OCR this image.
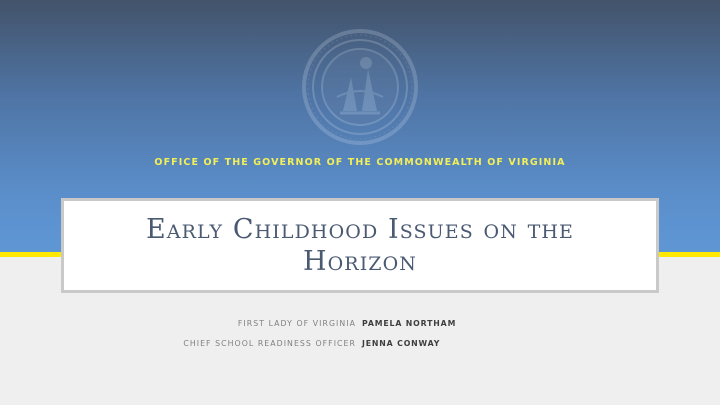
OFFICE OF THE GOVERNOR OF THE COMMONWEALTH OF VIRGINIA
Early Childhood Issues on the Horizon
FIRST LADY OF VIRGINIA PAMELA NORTHAM
CHIEF SCHOOL READINESS OFFICER JENNA CONWAY
